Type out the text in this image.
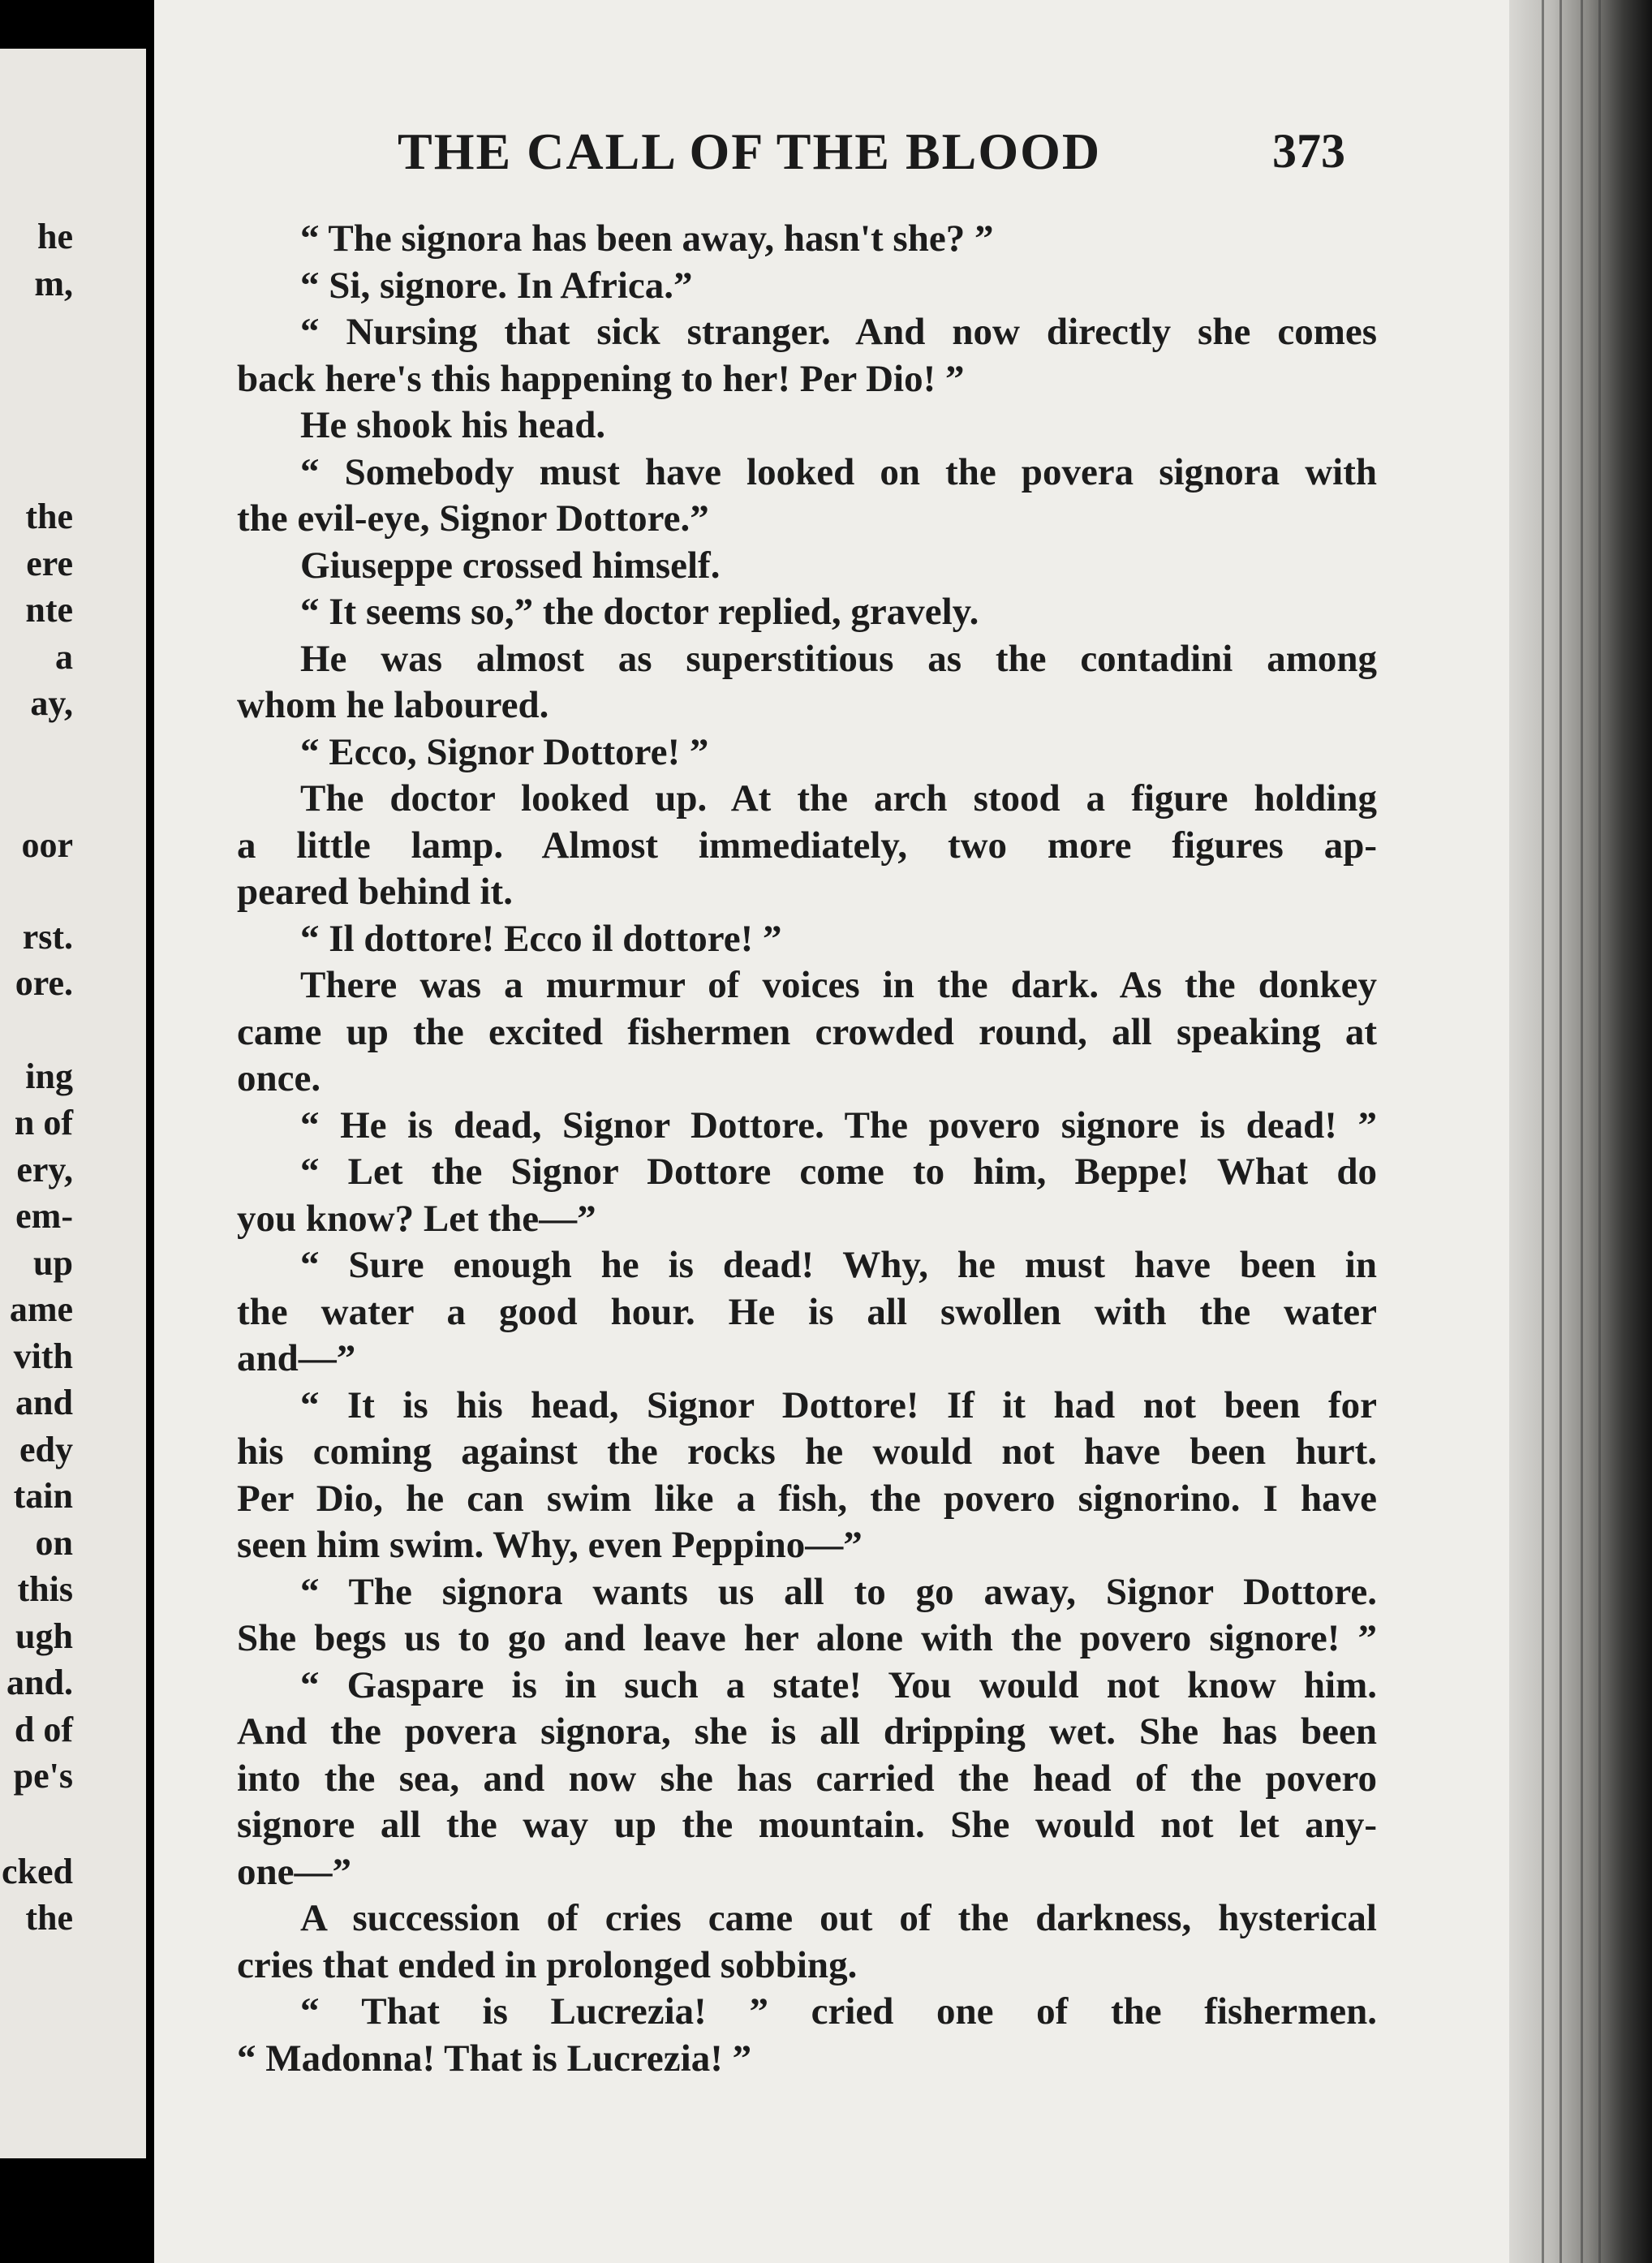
he
m,
the
ere
nte
a
ay,
oor
rst.
ore.
ing
n of
ery,
em-
up
ame
vith
and
edy
tain
on
this
ugh
and.
d of
pe's
cked
the
THE CALL OF THE BLOOD	373
“ The signora has been away, hasn't she? ”
“ Si, signore. In Africa.”
“ Nursing that sick stranger. And now directly she comes
back here's this happening to her! Per Dio! ”
He shook his head.
“ Somebody must have looked on the povera signora with
the evil-eye, Signor Dottore.”
Giuseppe crossed himself.
“ It seems so,” the doctor replied, gravely.
He was almost as superstitious as the contadini among
whom he laboured.
“ Ecco, Signor Dottore! ”
The doctor looked up. At the arch stood a figure holding
a little lamp. Almost immediately, two more figures ap-
peared behind it.
“ Il dottore! Ecco il dottore! ”
There was a murmur of voices in the dark. As the donkey
came up the excited fishermen crowded round, all speaking at
once.
“ He is dead, Signor Dottore. The povero signore is dead! ”
“ Let the Signor Dottore come to him, Beppe! What do
you know? Let the—”
“ Sure enough he is dead! Why, he must have been in
the water a good hour. He is all swollen with the water
and—”
“ It is his head, Signor Dottore! If it had not been for
his coming against the rocks he would not have been hurt.
Per Dio, he can swim like a fish, the povero signorino. I have
seen him swim. Why, even Peppino—”
“ The signora wants us all to go away, Signor Dottore.
She begs us to go and leave her alone with the povero signore! ”
“ Gaspare is in such a state! You would not know him.
And the povera signora, she is all dripping wet. She has been
into the sea, and now she has carried the head of the povero
signore all the way up the mountain. She would not let any-
one—”
A succession of cries came out of the darkness, hysterical
cries that ended in prolonged sobbing.
“ That is Lucrezia! ” cried one of the fishermen.
“ Madonna! That is Lucrezia! ”
